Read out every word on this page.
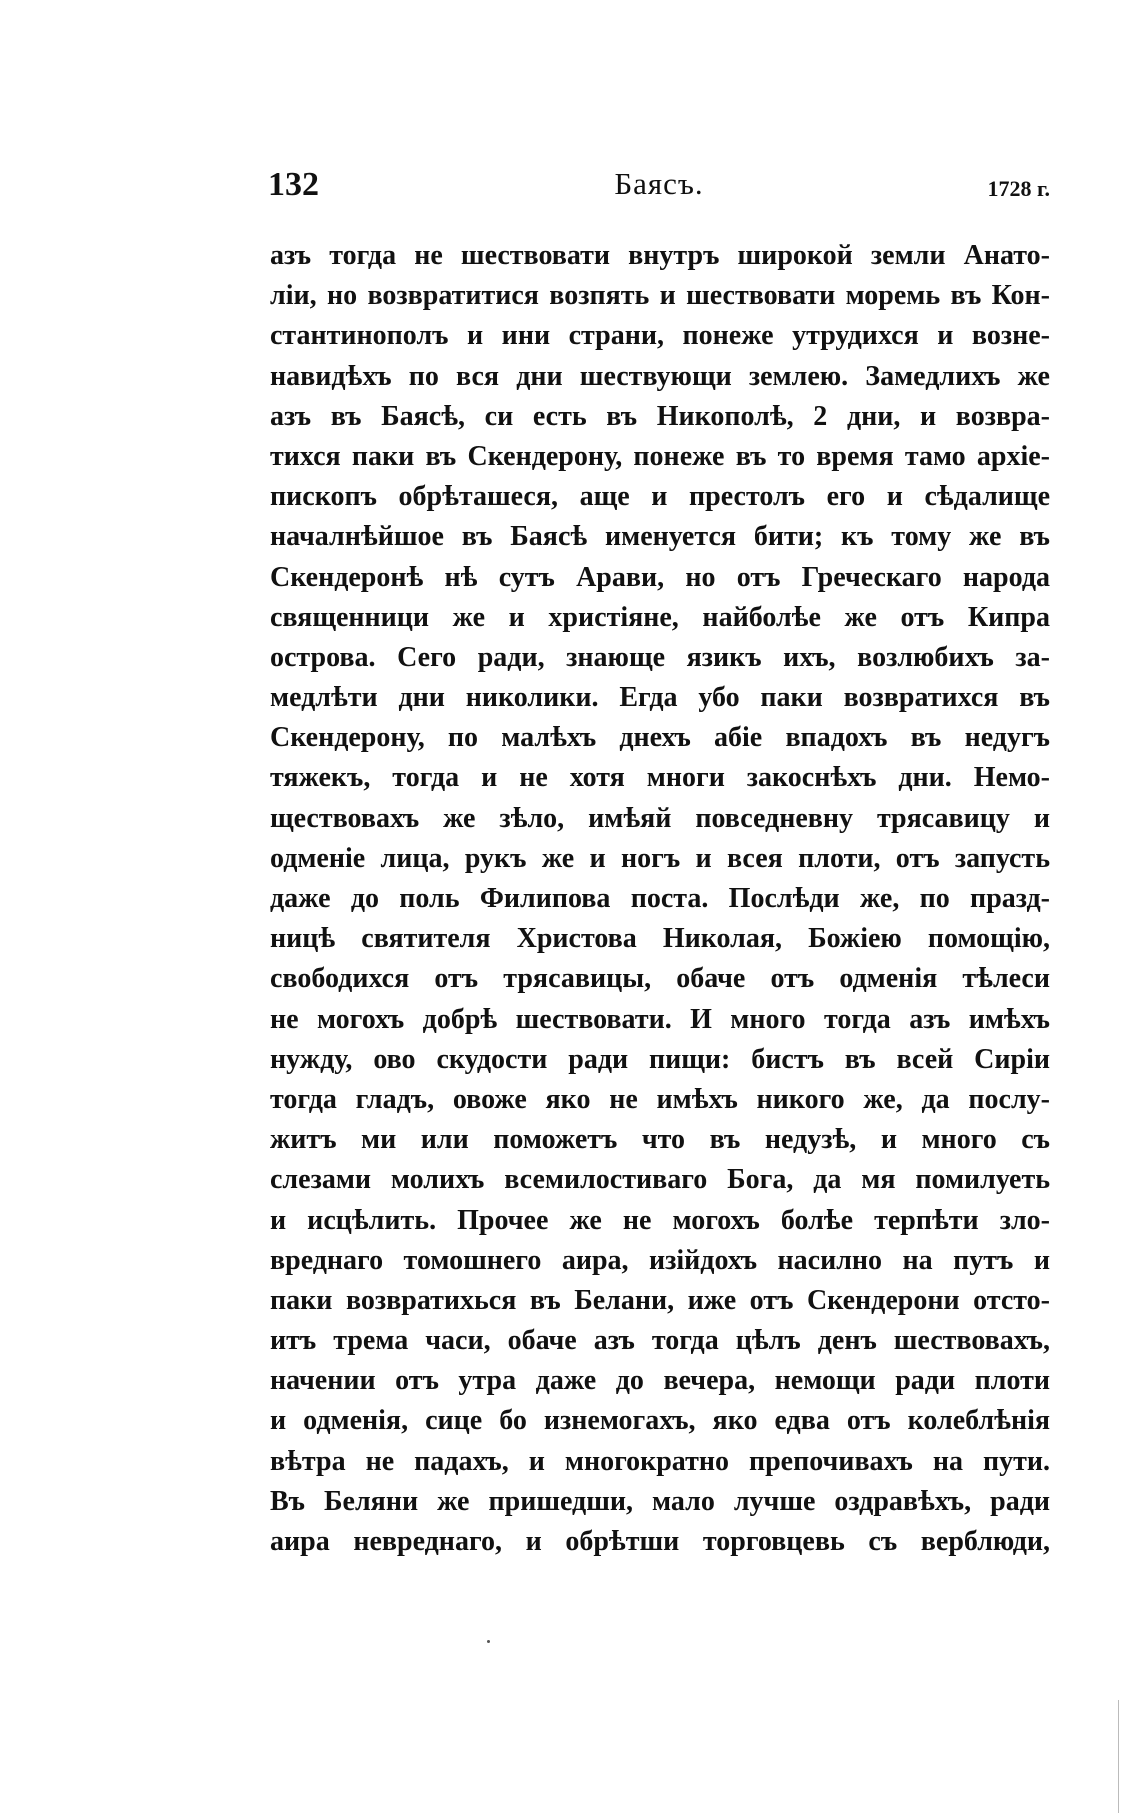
132	Баясъ.	1728 г.
азъ тогда не шествовати внутръ широкой земли Анато-
ліи, но возвратитися возпять и шествовати моремь въ Кон-
стантинополъ и ини страни, понеже утрудихся и возне-
навидѣхъ по вся дни шествующи землею. Замедлихъ же
азъ въ Баясѣ, си есть въ Никополѣ, 2 дни, и возвра-
тихся паки въ Скендерону, понеже въ то время тамо архіе-
пископъ обрѣташеся, аще и престолъ его и сѣдалище
началнѣйшое въ Баясѣ именуется бити; къ тому же въ
Скендеронѣ нѣ сутъ Арави, но отъ Греческаго народа
священници же и христіяне, найболѣе же отъ Кипра
острова. Сего ради, знающе язикъ ихъ, возлюбихъ за-
медлѣти дни николики. Егда убо паки возвратихся въ
Скендерону, по малѣхъ днехъ абіе впадохъ въ недугъ
тяжекъ, тогда и не хотя многи закоснѣхъ дни. Немо-
ществовахъ же зѣло, имѣяй повседневну трясавицу и
одменіе лица, рукъ же и ногъ и всея плоти, отъ запусть
даже до поль Филипова поста. Послѣди же, по празд-
ницѣ святителя Христова Николая, Божіею помощію,
свободихся отъ трясавицы, обаче отъ одменія тѣлеси
не могохъ добрѣ шествовати. И много тогда азъ имѣхъ
нужду, ово скудости ради пищи: бистъ въ всей Сиріи
тогда гладъ, овоже яко не имѣхъ никого же, да послу-
житъ ми или поможетъ что въ недузѣ, и много съ
слезами молихъ всемилостиваго Бога, да мя помилуеть
и исцѣлить. Прочее же не могохъ болѣе терпѣти зло-
вреднаго томошнего аира, изійдохъ насилно на путъ и
паки возвратихься въ Белани, иже отъ Скендерони отсто-
итъ трема часи, обаче азъ тогда цѣлъ денъ шествовахъ,
начении отъ утра даже до вечера, немощи ради плоти
и одменія, сице бо изнемогахъ, яко едва отъ колеблѣнія
вѣтра не падахъ, и многократно препочивахъ на пути.
Въ Беляни же пришедши, мало лучше оздравѣхъ, ради
аира невреднаго, и обрѣтши торговцевь съ верблюди,
